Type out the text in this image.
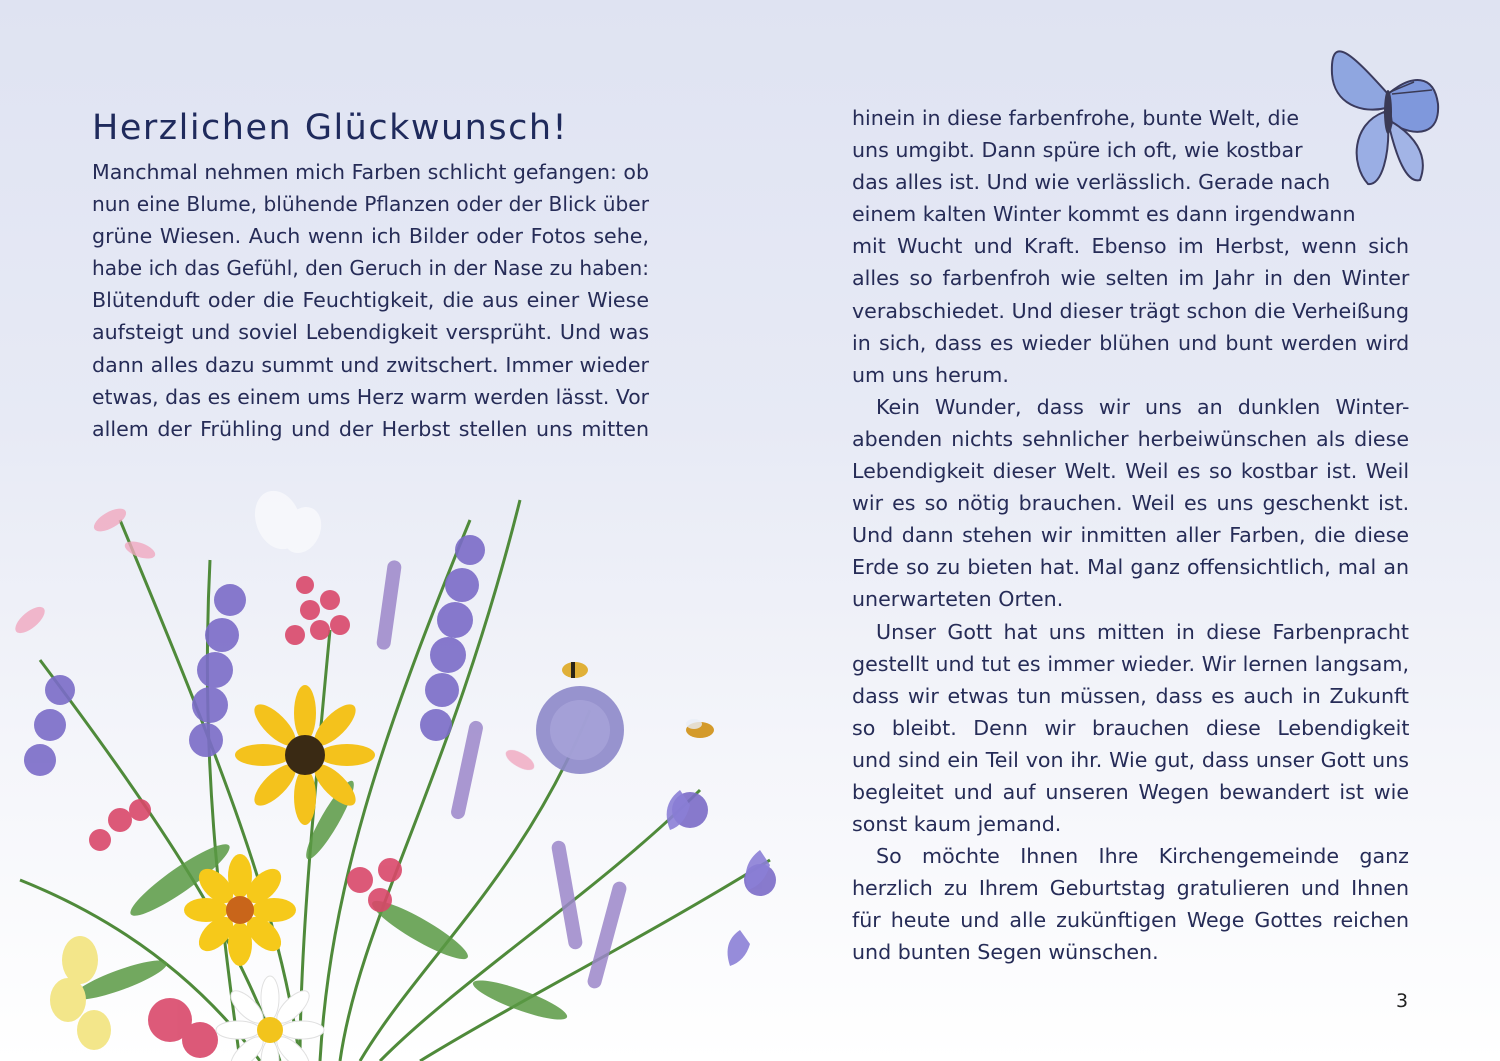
Herzlichen Glückwunsch!

Manchmal nehmen mich Farben schlicht gefangen: ob
nun eine Blume, blühende Pflanzen oder der Blick über
grüne Wiesen. Auch wenn ich Bilder oder Fotos sehe,
habe ich das Gefühl, den Geruch in der Nase zu haben:
Blütenduft oder die Feuchtigkeit, die aus einer Wiese
aufsteigt und soviel Lebendigkeit versprüht. Und was
dann alles dazu summt und zwitschert. Immer wieder
etwas, das es einem ums Herz warm werden lässt. Vor
allem der Frühling und der Herbst stellen uns mitten

hinein in diese farbenfrohe, bunte Welt, die
uns umgibt. Dann spüre ich oft, wie kostbar
das alles ist. Und wie verlässlich. Gerade nach
einem kalten Winter kommt es dann irgendwann
mit Wucht und Kraft. Ebenso im Herbst, wenn sich
alles so farbenfroh wie selten im Jahr in den Winter
verabschiedet. Und dieser trägt schon die Verheißung
in sich, dass es wieder blühen und bunt werden wird
um uns herum.

Kein Wunder, dass wir uns an dunklen Winter-
abenden nichts sehnlicher herbeiwünschen als diese
Lebendigkeit dieser Welt. Weil es so kostbar ist. Weil
wir es so nötig brauchen. Weil es uns geschenkt ist.
Und dann stehen wir inmitten aller Farben, die diese
Erde so zu bieten hat. Mal ganz offensichtlich, mal an
unerwarteten Orten.

Unser Gott hat uns mitten in diese Farbenpracht
gestellt und tut es immer wieder. Wir lernen langsam,
dass wir etwas tun müssen, dass es auch in Zukunft
so bleibt. Denn wir brauchen diese Lebendigkeit
und sind ein Teil von ihr. Wie gut, dass unser Gott uns
begleitet und auf unseren Wegen bewandert ist wie
sonst kaum jemand.

So möchte Ihnen Ihre Kirchengemeinde ganz
herzlich zu Ihrem Geburtstag gratulieren und Ihnen
für heute und alle zukünftigen Wege Gottes reichen
und bunten Segen wünschen.

3
